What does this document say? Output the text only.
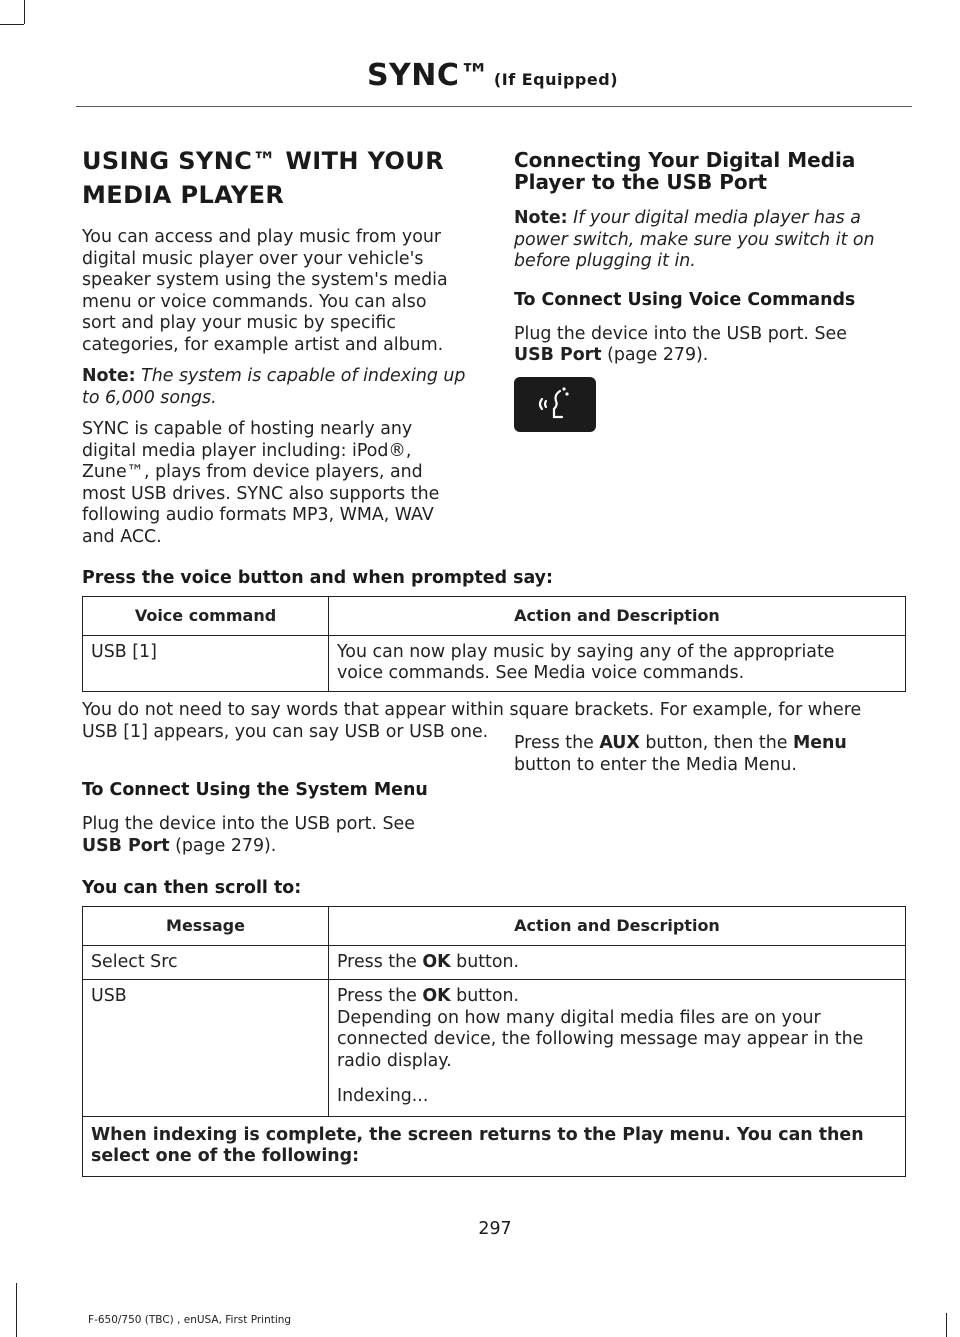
SYNC™ (If Equipped)
USING SYNC™ WITH YOUR
MEDIA PLAYER
You can access and play music from your
digital music player over your vehicle's
speaker system using the system's media
menu or voice commands. You can also
sort and play your music by specific
categories, for example artist and album.
Note: The system is capable of indexing up
to 6,000 songs.
SYNC is capable of hosting nearly any
digital media player including: iPod®,
Zune™, plays from device players, and
most USB drives. SYNC also supports the
following audio formats MP3, WMA, WAV
and ACC.
Connecting Your Digital Media
Player to the USB Port
Note: If your digital media player has a
power switch, make sure you switch it on
before plugging it in.
To Connect Using Voice Commands
Plug the device into the USB port. See
USB Port (page 279).
Press the voice button and when prompted say:
Voice command	Action and Description
USB [1]	You can now play music by saying any of the appropriate
voice commands. See Media voice commands.
You do not need to say words that appear within square brackets. For example, for where
USB [1] appears, you can say USB or USB one.
To Connect Using the System Menu
Plug the device into the USB port. See
USB Port (page 279).
Press the AUX button, then the Menu
button to enter the Media Menu.
You can then scroll to:
Message	Action and Description
Select Src	Press the OK button.
USB	Press the OK button.
Depending on how many digital media files are on your
connected device, the following message may appear in the
radio display.
Indexing...

When indexing is complete, the screen returns to the Play menu. You can then
select one of the following:	
297
F-650/750 (TBC) , enUSA, First Printing
